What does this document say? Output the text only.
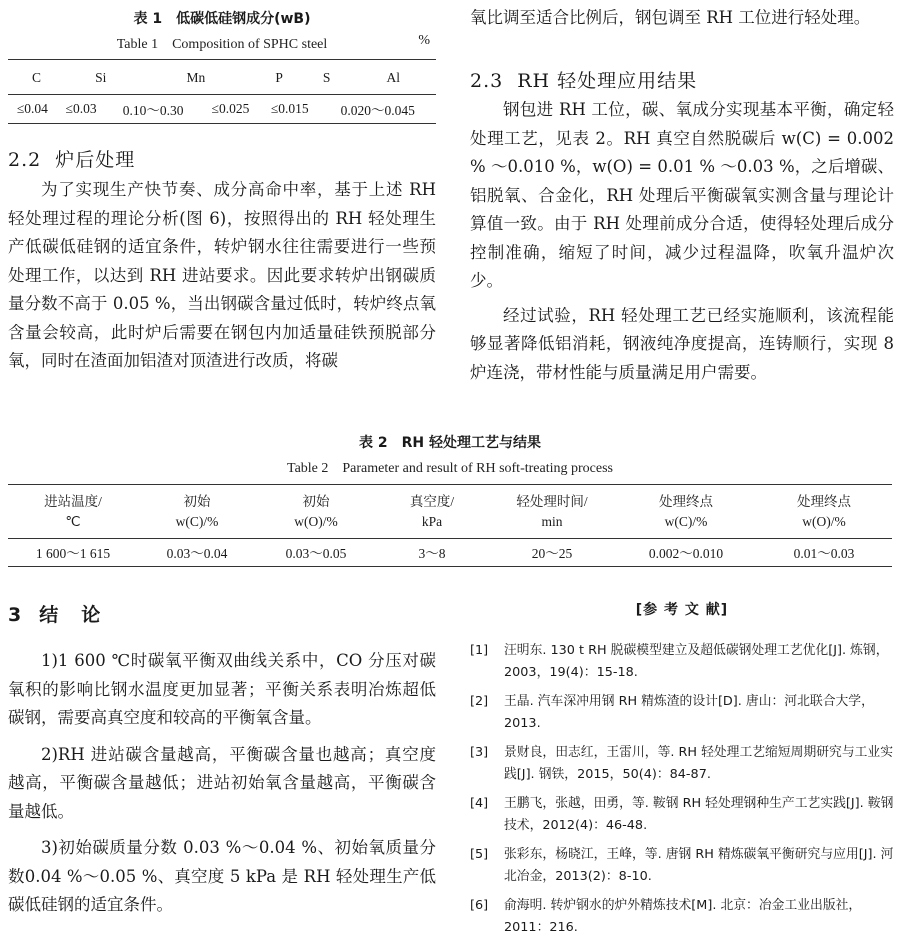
表 1　低碳低硅钢成分(wB)
Table 1　Composition of SPHC steel	%
C	Si	Mn	P	S	Al
≤0.04	≤0.03	0.10～0.30	≤0.025	≤0.015	0.020～0.045
2.2 炉后处理

为了实现生产快节奏、成分高命中率，基于上述 RH 轻处理过程的理论分析(图 6)，按照得出的 RH 轻处理生产低碳低硅钢的适宜条件，转炉钢水往往需要进行一些预处理工作，以达到 RH 进站要求。因此要求转炉出钢碳质量分数不高于 0.05 %，当出钢碳含量过低时，转炉终点氧含量会较高，此时炉后需要在钢包内加适量硅铁预脱部分氧，同时在渣面加铝渣对顶渣进行改质，将碳

氧比调至适合比例后，钢包调至 RH 工位进行轻处理。
2.3 RH 轻处理应用结果

钢包进 RH 工位，碳、氧成分实现基本平衡，确定轻处理工艺，见表 2。RH 真空自然脱碳后 w(C) = 0.002 % ～0.010 %，w(O) = 0.01 % ～0.03 %，之后增碳、铝脱氧、合金化，RH 处理后平衡碳氧实测含量与理论计算值一致。由于 RH 处理前成分合适，使得轻处理后成分控制准确，缩短了时间，减少过程温降，吹氧升温炉次少。

经过试验，RH 轻处理工艺已经实施顺利，该流程能够显著降低铝消耗，钢液纯净度提高，连铸顺行，实现 8 炉连浇，带材性能与质量满足用户需要。

表 2　RH 轻处理工艺与结果
Table 2　Parameter and result of RH soft-treating process
进站温度/	初始	初始	真空度/	轻处理时间/	处理终点	处理终点
℃	w(C)/%	w(O)/%	kPa	min	w(C)/%	w(O)/%
1 600～1 615	0.03～0.04	0.03～0.05	3～8	20～25	0.002～0.010	0.01～0.03
3 结　论

1)1 600 ℃时碳氧平衡双曲线关系中，CO 分压对碳氧积的影响比钢水温度更加显著；平衡关系表明冶炼超低碳钢，需要高真空度和较高的平衡氧含量。

2)RH 进站碳含量越高，平衡碳含量也越高；真空度越高，平衡碳含量越低；进站初始氧含量越高，平衡碳含量越低。

3)初始碳质量分数 0.03 %～0.04 %、初始氧质量分数0.04 %～0.05 %、真空度 5 kPa 是 RH 轻处理生产低碳低硅钢的适宜条件。

[参 考 文 献]
[1] 汪明东. 130 t RH 脱碳模型建立及超低碳钢处理工艺优化[J]. 炼钢，2003，19(4)：15-18.
[2] 王晶. 汽车深冲用钢 RH 精炼渣的设计[D]. 唐山：河北联合大学，2013.
[3] 景财良，田志红，王雷川，等. RH 轻处理工艺缩短周期研究与工业实践[J]. 钢铁，2015，50(4)：84-87.
[4] 王鹏飞，张越，田勇，等. 鞍钢 RH 轻处理钢种生产工艺实践[J]. 鞍钢技术，2012(4)：46-48.
[5] 张彩东，杨晓江，王峰，等. 唐钢 RH 精炼碳氧平衡研究与应用[J]. 河北冶金，2013(2)：8-10.
[6] 俞海明. 转炉钢水的炉外精炼技术[M]. 北京：冶金工业出版社，2011：216.
